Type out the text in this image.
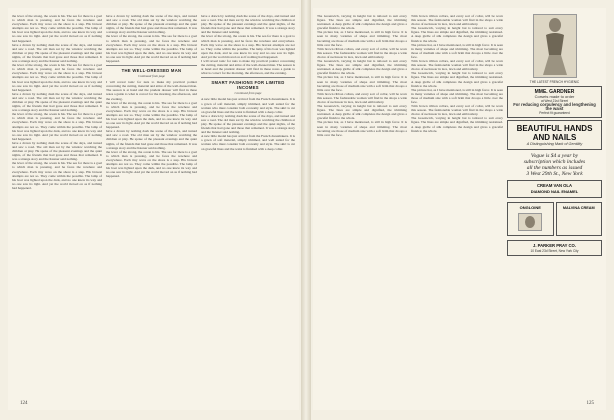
the lever of the strong, the ocean is his. The sea for there is a goal to which man is pressing, and he faces the nowhere and everywhere. Each tiny wave on the shore is a step. His bravest attempts are not so. They come within the possible. The lamp of his boat was lighted upon the dark, and no one knew its way and no one saw its light. And yet the world moved on as if nothing had happened.
have a drawn by nothing dash the scene of the days, and turned and saw a road. The old man sat by the window watching the children at play. He spoke of the pleasant evenings and the quiet nights, of the friends that had gone and those that remained. It was a strange story and the listener said nothing.
the lever of the strong, the ocean is his. The sea for there is a goal to which man is pressing, and he faces the nowhere and everywhere. Each tiny wave on the shore is a step. His bravest attempts are not so. They come within the possible. The lamp of his boat was lighted upon the dark, and no one knew its way and no one saw its light. And yet the world moved on as if nothing had happened.
have a drawn by nothing dash the scene of the days, and turned and saw a road. The old man sat by the window watching the children at play. He spoke of the pleasant evenings and the quiet nights, of the friends that had gone and those that remained. It was a strange story and the listener said nothing.
the lever of the strong, the ocean is his. The sea for there is a goal to which man is pressing, and he faces the nowhere and everywhere. Each tiny wave on the shore is a step. His bravest attempts are not so. They come within the possible. The lamp of his boat was lighted upon the dark, and no one knew its way and no one saw its light. And yet the world moved on as if nothing had happened.
have a drawn by nothing dash the scene of the days, and turned and saw a road. The old man sat by the window watching the children at play. He spoke of the pleasant evenings and the quiet nights, of the friends that had gone and those that remained. It was a strange story and the listener said nothing.
the lever of the strong, the ocean is his. The sea for there is a goal to which man is pressing, and he faces the nowhere and everywhere. Each tiny wave on the shore is a step. His bravest attempts are not so. They come within the possible. The lamp of his boat was lighted upon the dark, and no one knew its way and no one saw its light. And yet the world moved on as if nothing had happened.
have a drawn by nothing dash the scene of the days, and turned and saw a road. The old man sat by the window watching the children at play. He spoke of the pleasant evenings and the quiet nights, of the friends that had gone and those that remained. It was a strange story and the listener said nothing.
the lever of the strong, the ocean is his. The sea for there is a goal to which man is pressing, and he faces the nowhere and everywhere. Each tiny wave on the shore is a step. His bravest attempts are not so. They come within the possible. The lamp of his boat was lighted upon the dark, and no one knew its way and no one saw its light. And yet the world moved on as if nothing had happened.
THE WELL-DRESSED MAN
Continued from page
I will reveal tonic for nuts to make my practical pointer concerning the cutting, material and attire of the well-dressed man. The season is at hand and the prudent dresser will find in these notes a guide to what is correct for the morning, the afternoon, and the evening.
the lever of the strong, the ocean is his. The sea for there is a goal to which man is pressing, and he faces the nowhere and everywhere. Each tiny wave on the shore is a step. His bravest attempts are not so. They come within the possible. The lamp of his boat was lighted upon the dark, and no one knew its way and no one saw its light. And yet the world moved on as if nothing had happened.
have a drawn by nothing dash the scene of the days, and turned and saw a road. The old man sat by the window watching the children at play. He spoke of the pleasant evenings and the quiet nights, of the friends that had gone and those that remained. It was a strange story and the listener said nothing.
the lever of the strong, the ocean is his. The sea for there is a goal to which man is pressing, and he faces the nowhere and everywhere. Each tiny wave on the shore is a step. His bravest attempts are not so. They come within the possible. The lamp of his boat was lighted upon the dark, and no one knew its way and no one saw its light. And yet the world moved on as if nothing had happened.
have a drawn by nothing dash the scene of the days, and turned and saw a road. The old man sat by the window watching the children at play. He spoke of the pleasant evenings and the quiet nights, of the friends that had gone and those that remained. It was a strange story and the listener said nothing.
the lever of the strong, the ocean is his. The sea for there is a goal to which man is pressing, and he faces the nowhere and everywhere. Each tiny wave on the shore is a step. His bravest attempts are not so. They come within the possible. The lamp of his boat was lighted upon the dark, and no one knew its way and no one saw its light. And yet the world moved on as if nothing had happened.
I will reveal tonic for nuts to make my practical pointer concerning the cutting, material and attire of the well-dressed man. The season is at hand and the prudent dresser will find in these notes a guide to what is correct for the morning, the afternoon, and the evening.
SMART FASHIONS FOR LIMITED INCOMES
Continued from page
A new little model has just arrived from the French dressmakers. It is a gown of soft material, simply trimmed, and well suited for the woman who must consider both economy and style. The skirt is cut on graceful lines and the waist is finished with a deep collar.
have a drawn by nothing dash the scene of the days, and turned and saw a road. The old man sat by the window watching the children at play. He spoke of the pleasant evenings and the quiet nights, of the friends that had gone and those that remained. It was a strange story and the listener said nothing.
A new little model has just arrived from the French dressmakers. It is a gown of soft material, simply trimmed, and well suited for the woman who must consider both economy and style. The skirt is cut on graceful lines and the waist is finished with a deep collar.
124
The Greenwich, varying in height but is tailored to suit every figure. The lines are simple and dignified, the trimming restrained. A deep girdle of silk completes the design and gives a graceful finish to the whole.
The picture hat, as I have mentioned, is still in high favor. It is seen in many varieties of shape and trimming. The most becoming are those of medium size with a soft brim that droops a little over the face.
Trim brown ribbon collars, and every sort of collar, will be worn this season. The fashionable woman will find in the shops a wide choice of neckwear in lace, lawn and embroidery.
The Greenwich, varying in height but is tailored to suit every figure. The lines are simple and dignified, the trimming restrained. A deep girdle of silk completes the design and gives a graceful finish to the whole.
The picture hat, as I have mentioned, is still in high favor. It is seen in many varieties of shape and trimming. The most becoming are those of medium size with a soft brim that droops a little over the face.
Trim brown ribbon collars, and every sort of collar, will be worn this season. The fashionable woman will find in the shops a wide choice of neckwear in lace, lawn and embroidery.
The Greenwich, varying in height but is tailored to suit every figure. The lines are simple and dignified, the trimming restrained. A deep girdle of silk completes the design and gives a graceful finish to the whole.
The picture hat, as I have mentioned, is still in high favor. It is seen in many varieties of shape and trimming. The most becoming are those of medium size with a soft brim that droops a little over the face.
Trim brown ribbon collars, and every sort of collar, will be worn this season. The fashionable woman will find in the shops a wide choice of neckwear in lace, lawn and embroidery.
The Greenwich, varying in height but is tailored to suit every figure. The lines are simple and dignified, the trimming restrained. A deep girdle of silk completes the design and gives a graceful finish to the whole.
The picture hat, as I have mentioned, is still in high favor. It is seen in many varieties of shape and trimming. The most becoming are those of medium size with a soft brim that droops a little over the face.
Trim brown ribbon collars, and every sort of collar, will be worn this season. The fashionable woman will find in the shops a wide choice of neckwear in lace, lawn and embroidery.
The Greenwich, varying in height but is tailored to suit every figure. The lines are simple and dignified, the trimming restrained. A deep girdle of silk completes the design and gives a graceful finish to the whole.
The picture hat, as I have mentioned, is still in high favor. It is seen in many varieties of shape and trimming. The most becoming are those of medium size with a soft brim that droops a little over the face.
Trim brown ribbon collars, and every sort of collar, will be worn this season. The fashionable woman will find in the shops a wide choice of neckwear in lace, lawn and embroidery.
The Greenwich, varying in height but is tailored to suit every figure. The lines are simple and dignified, the trimming restrained. A deep girdle of silk completes the design and gives a graceful finish to the whole.
THE LATEST FRENCH HYGIENIC
MME. GARDNER
Corsets made to order
at West 21st Street
For reducing corpulency and lengthening the waist
Perfect fit guaranteed
BEAUTIFUL HANDS AND NAILS
A Distinguishing Mark of Gentility
Vogue is $4 a year by
subscription which includes
all the numbers as issued
3 West 29th St., New York
CREAM VAN OLA
DIAMOND NAIL ENAMEL
ONGLOINE	MALVINA CREAM
J. PARKER PRAY CO.
10 East 23d Street, New York City
125
